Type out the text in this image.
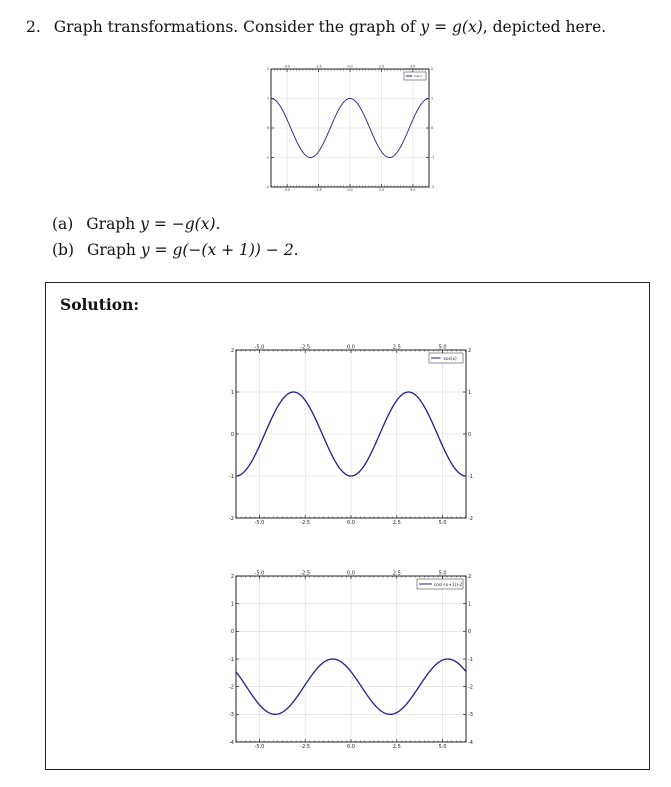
2. Graph transformations. Consider the graph of y = g(x), depicted here.
-5.0
-5.0
-2.5
-2.5
0.0
0.0
2.5
2.5
5.0
5.0
-2	-2
-1	-1
0	0
1	1
2	2
cos(x)
(a) Graph y = −g(x).
(b) Graph y = g(−(x + 1)) − 2.
Solution:
-5.0
-5.0
-2.5
-2.5
0.0
0.0
2.5
2.5
5.0
5.0
-2	-2
-1	-1
0	0
1	1
2	2
-cos(x)
-5.0
-5.0
-2.5
-2.5
0.0
0.0
2.5
2.5
5.0
5.0
-4	-4
-3	-3
-2	-2
-1	-1
0	0
1	1
2	2
cos(-(x+1))-2
